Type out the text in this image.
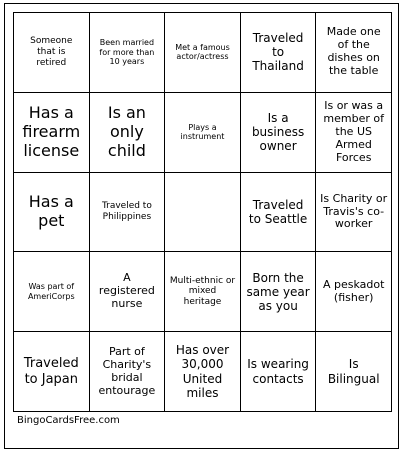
Someone that is retired
Been married for more than 10 years
Met a famous actor/actress
Traveled to Thailand
Made one of the dishes on the table
Has a firearm license
Is an only child
Plays a instrument
Is a business owner
Is or was a member of the US Armed Forces
Has a pet
Traveled to Philippines
Traveled to Seattle
Is Charity or Travis's co-worker
Was part of AmeriCorps
A registered nurse
Multi-ethnic or mixed heritage
Born the same year as you
A peskadot (fisher)
Traveled to Japan
Part of Charity's bridal entourage
Has over 30,000 United miles
Is wearing contacts
Is Bilingual
BingoCardsFree.com
